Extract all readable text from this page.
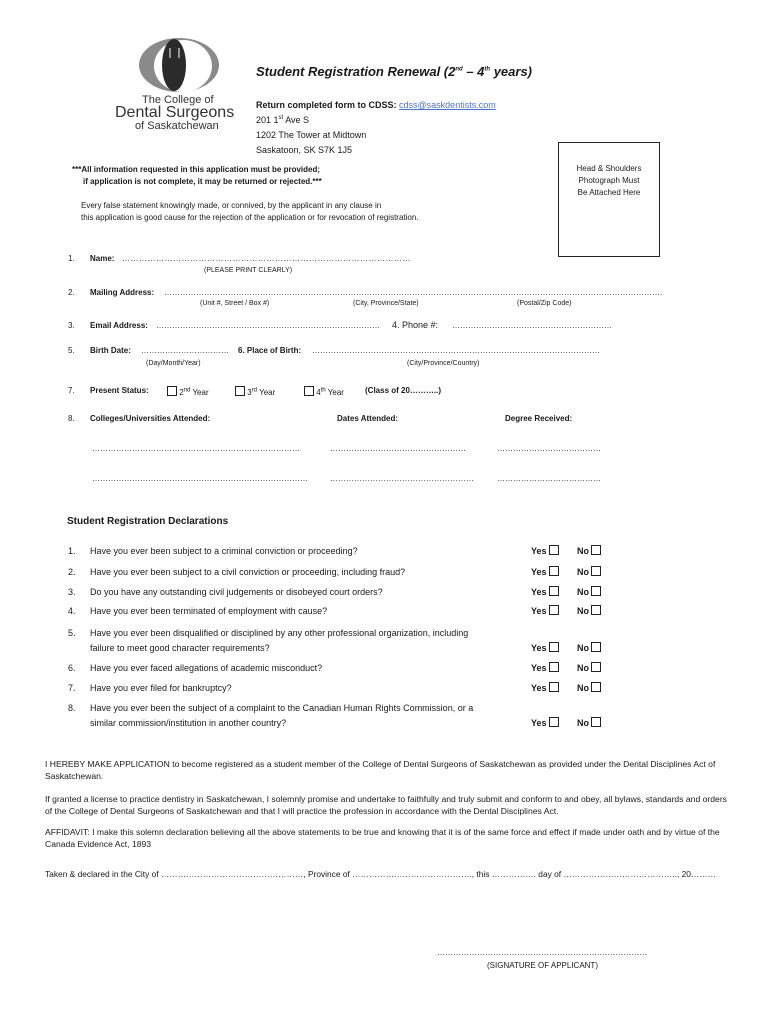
The College of
Dental Surgeons
of Saskatchewan
Student Registration Renewal (2nd – 4th years)
Return completed form to CDSS: cdss@saskdentists.com
201 1st Ave S
1202 The Tower at Midtown
Saskatoon, SK S7K 1J5
Head & Shoulders
Photograph Must
Be Attached Here
***All information requested in this application must be provided;
if application is not complete, it may be returned or rejected.***
Every false statement knowingly made, or connived, by the applicant in any clause in
this application is good cause for the rejection of the application or for revocation of registration.
1. Name: …………………………………………………………………………………………
(PLEASE PRINT CLEARLY)
2. Mailing Address: …………………………………………………………………………………………………………………………………………………………………….
(Unit #, Street / Box #)	(City, Province/State)	(Postal/Zip Code)
3. Email Address: ………………………………………………………………………… 4. Phone #: ……………………………………………………
5. Birth Date: ……………………………	6. Place of Birth: ………………………………………………………………………………………………
(Day/Month/Year)	(City/Province/Country)
7. Present Status:	2nd Year	3rd Year	4th Year	(Class of 20………..)
8. Colleges/Universities Attended:	Dates Attended:	Degree Received:
……………………………………………………………………	……………………………………………	…………………………………
………………………………………………………………………	………………………………………………	…………………………………
Student Registration Declarations
1. Have you ever been subject to a criminal conviction or proceeding?	Yes	No
2. Have you ever been subject to a civil conviction or proceeding, including fraud?	Yes	No
3. Do you have any outstanding civil judgements or disobeyed court orders?	Yes	No
4. Have you ever been terminated of employment with cause?	Yes	No
5. Have you ever been disqualified or disciplined by any other professional organization, including
failure to meet good character requirements?	Yes	No
6. Have you ever faced allegations of academic misconduct?	Yes	No
7. Have you ever filed for bankruptcy?	Yes	No
8. Have you ever been the subject of a complaint to the Canadian Human Rights Commission, or a
similar commission/institution in another country?	Yes	No
I HEREBY MAKE APPLICATION to become registered as a student member of the College of Dental Surgeons of Saskatchewan as provided under the Dental Disciplines Act of Saskatchewan.
If granted a license to practice dentistry in Saskatchewan, I solemnly promise and undertake to faithfully and truly submit and conform to and obey, all bylaws, standards and orders of the College of Dental Surgeons of Saskatchewan and that I will practice the profession in accordance with the Dental Disciplines Act.
AFFIDAVIT: I make this solemn declaration believing all the above statements to be true and knowing that it is of the same force and effect if made under oath and by virtue of the Canada Evidence Act, 1893
Taken & declared in the City of ……………………………………………, Province of ……………………………………., this ……………. day of ………………………………….., 20………
…………………………………………………….………………
(SIGNATURE OF APPLICANT)
